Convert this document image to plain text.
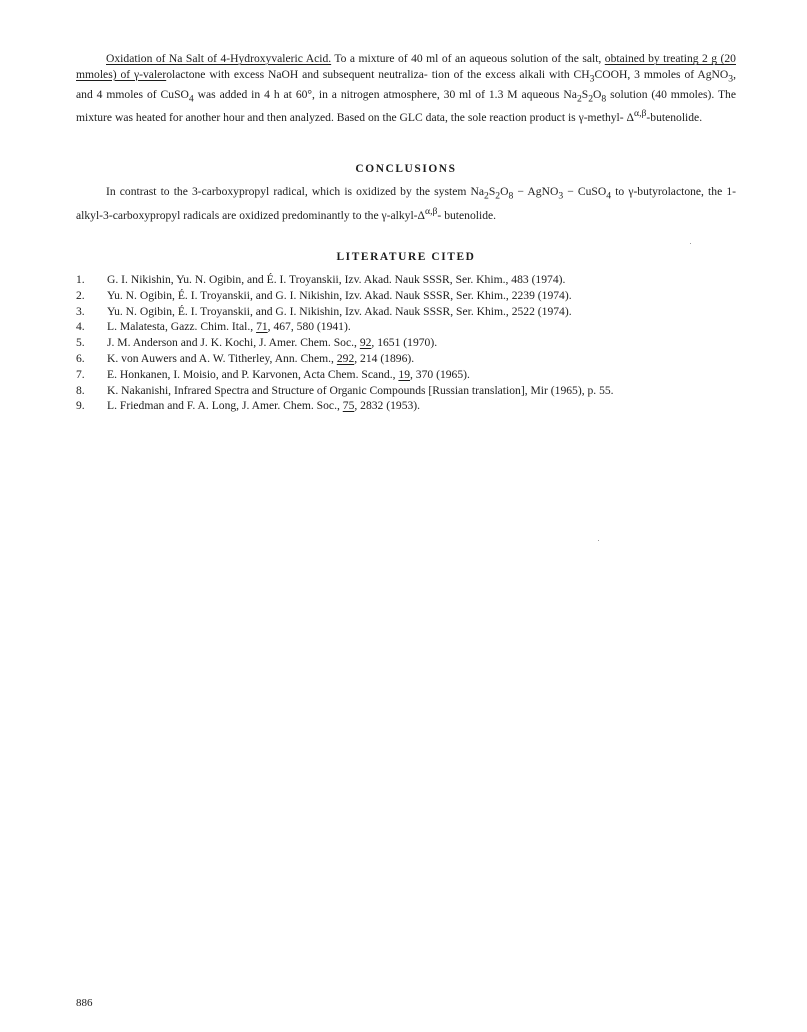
Oxidation of Na Salt of 4-Hydroxyvaleric Acid. To a mixture of 40 ml of an aqueous solution of the salt, obtained by treating 2 g (20 mmoles) of γ-valerolactone with excess NaOH and subsequent neutraliza- tion of the excess alkali with $CH_3COOH$, 3 mmoles of AgNO$_3$, and 4 mmoles of CuSO$_4$ was added in 4 h at 60°, in a nitrogen atmosphere, 30 ml of 1.3 M aqueous $Na_2S_2O_8$ solution (40 mmoles). The mixture was heated for another hour and then analyzed. Based on the GLC data, the sole reaction product is γ-methyl- $\Delta^{\alpha,\beta}$-butenolide.

CONCLUSIONS

In contrast to the 3-carboxypropyl radical, which is oxidized by the system $Na_2S_2O_8$ − AgNO$_3$ − CuSO$_4$ to γ-butyrolactone, the 1-alkyl-3-carboxypropyl radicals are oxidized predominantly to the $\gamma-alkyl-\Delta^{\alpha,\beta}-$ butenolide.

LITERATURE CITED
1. G. I. Nikishin, Yu. N. Ogibin, and É. I. Troyanskii, Izv. Akad. Nauk SSSR, Ser. Khim., 483 (1974).
2. Yu. N. Ogibin, É. I. Troyanskii, and G. I. Nikishin, Izv. Akad. Nauk SSSR, Ser. Khim., 2239 (1974).
3. Yu. N. Ogibin, É. I. Troyanskii, and G. I. Nikishin, Izv. Akad. Nauk SSSR, Ser. Khim., 2522 (1974).
4. L. Malatesta, Gazz. Chim. Ital., 71, 467, 580 (1941).
5. J. M. Anderson and J. K. Kochi, J. Amer. Chem. Soc., 92, 1651 (1970).
6. K. von Auwers and A. W. Titherley, Ann. Chem., 292, 214 (1896).
7. E. Honkanen, I. Moisio, and P. Karvonen, Acta Chem. Scand., 19, 370 (1965).
8. K. Nakanishi, Infrared Spectra and Structure of Organic Compounds [Russian translation], Mir (1965), p. 55.
9. L. Friedman and F. A. Long, J. Amer. Chem. Soc., 75, 2832 (1953).
886
